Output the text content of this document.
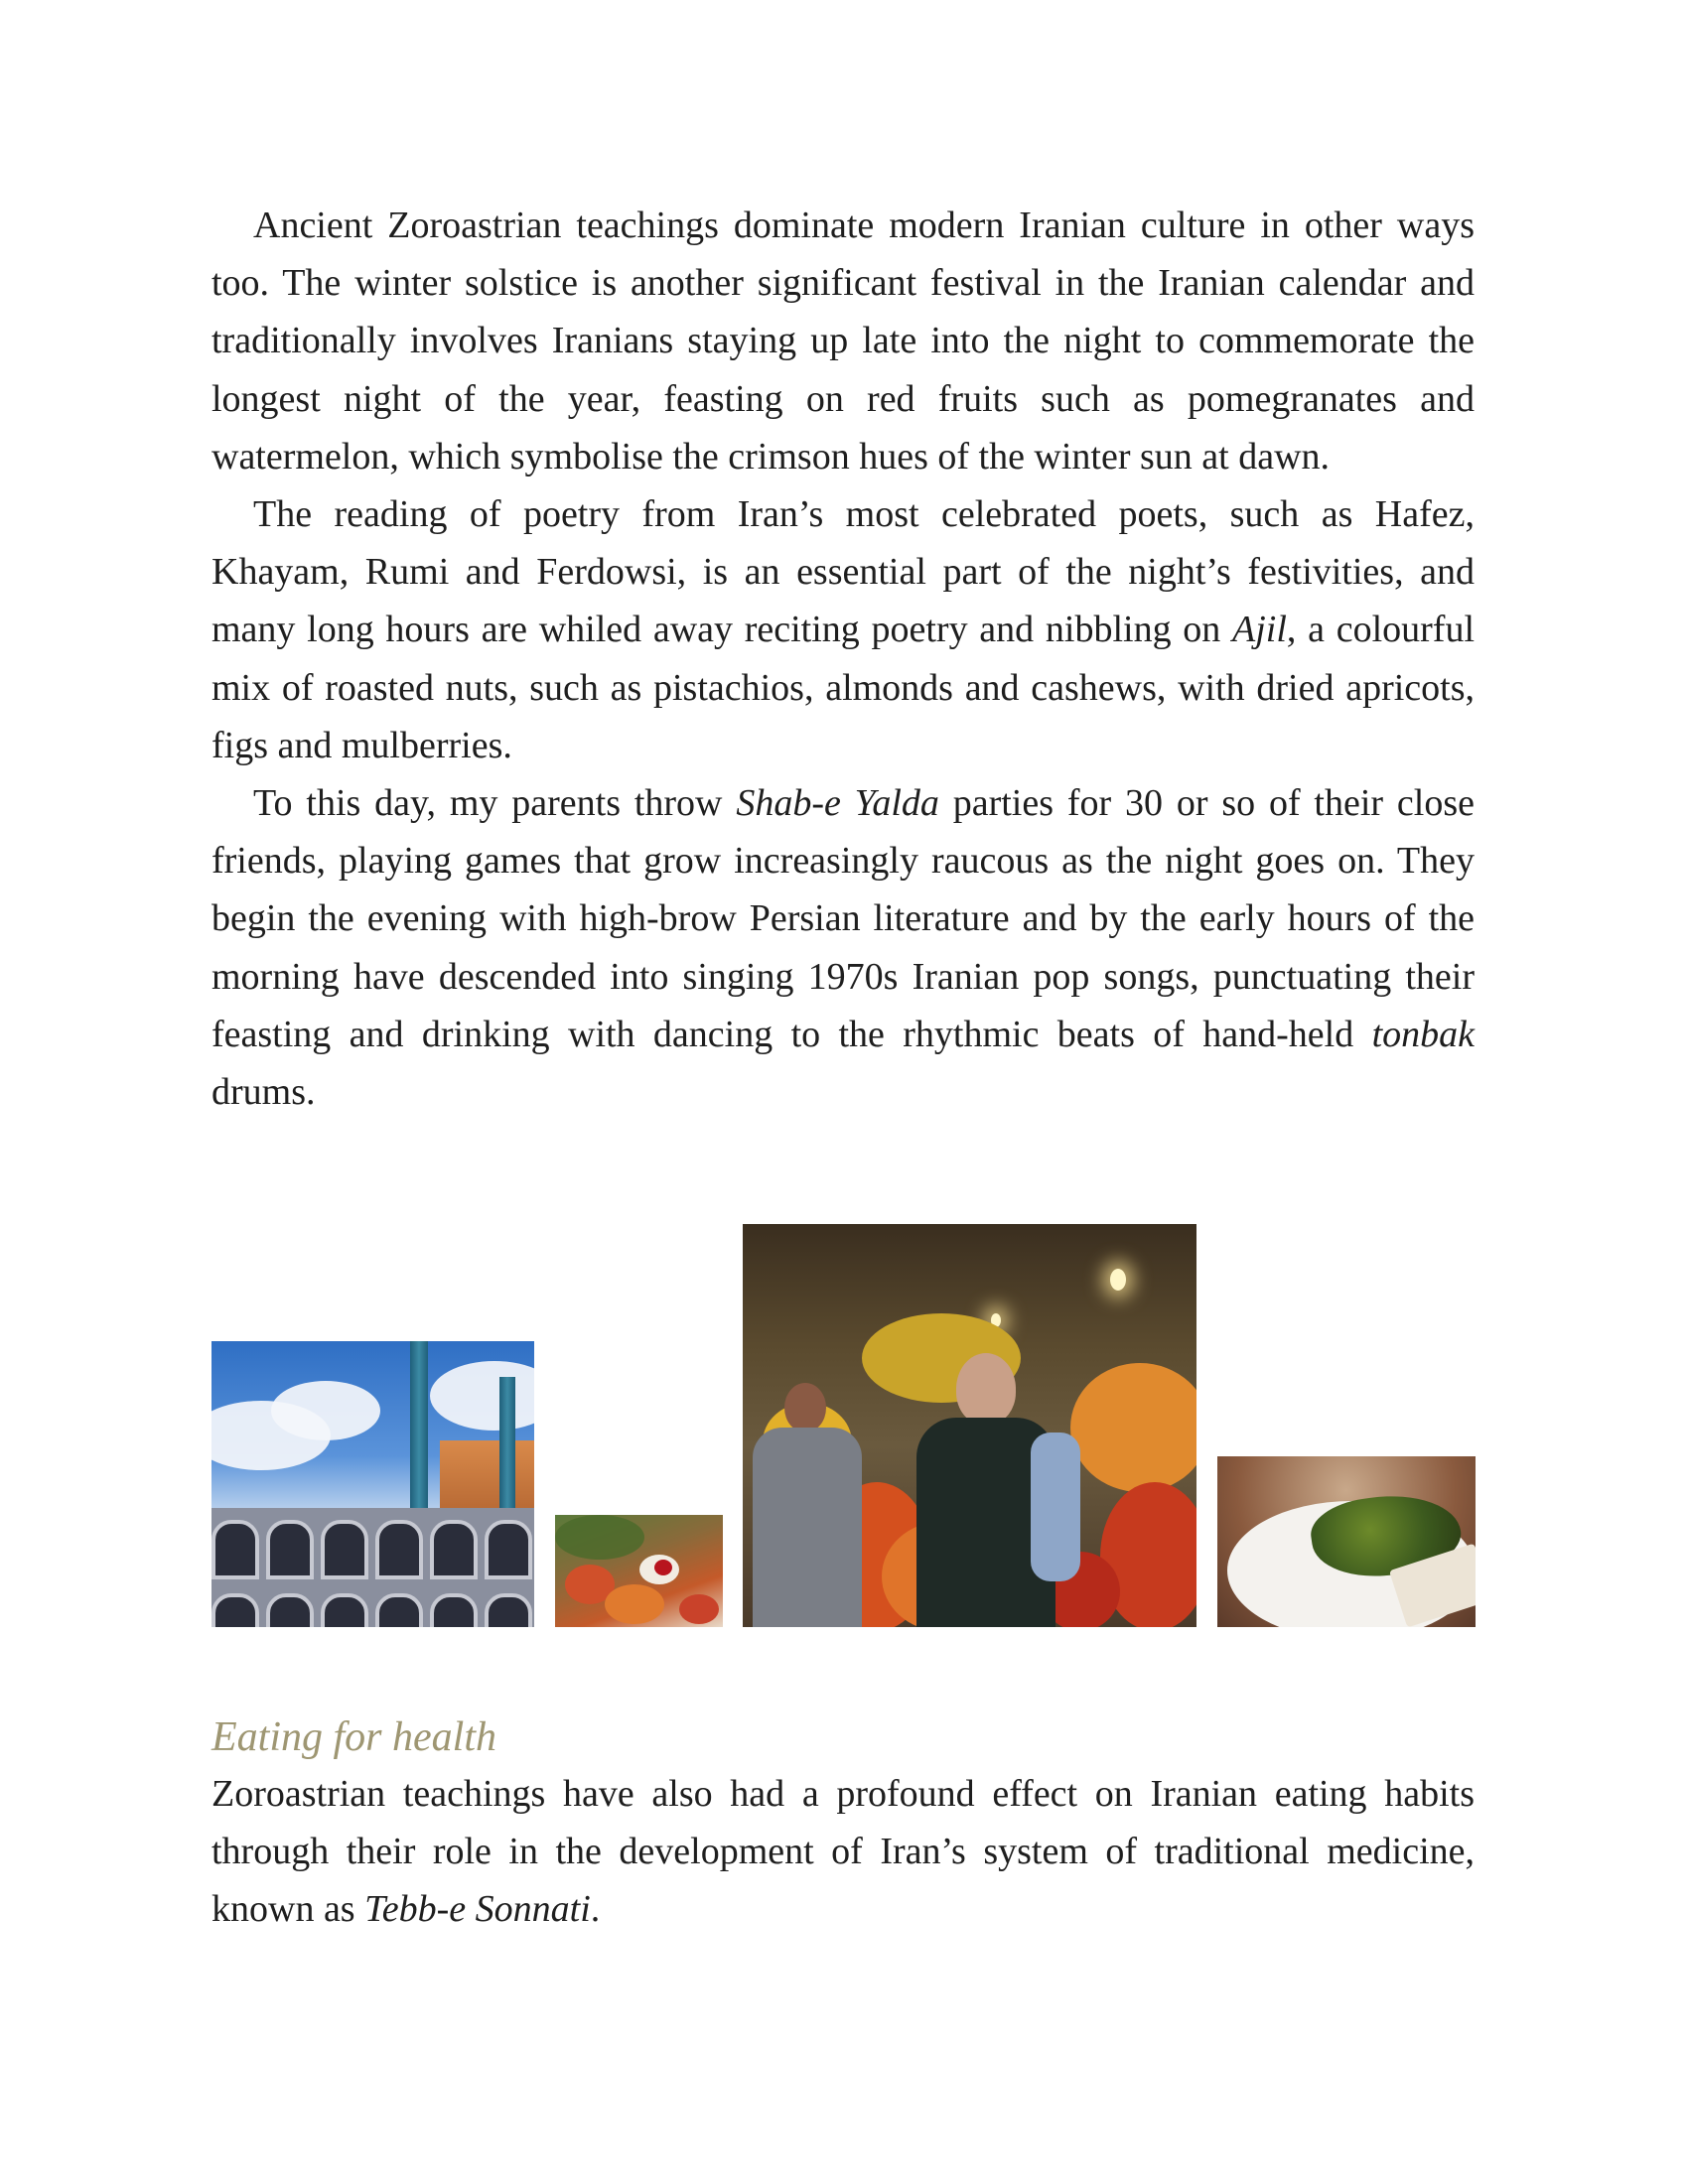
Ancient Zoroastrian teachings dominate modern Iranian culture in other ways too. The winter solstice is another significant festival in the Iranian calendar and traditionally involves Iranians staying up late into the night to commemorate the longest night of the year, feasting on red fruits such as pomegranates and watermelon, which symbolise the crimson hues of the winter sun at dawn.

The reading of poetry from Iran’s most celebrated poets, such as Hafez, Khayam, Rumi and Ferdowsi, is an essential part of the night’s festivities, and many long hours are whiled away reciting poetry and nibbling on Ajil, a colourful mix of roasted nuts, such as pistachios, almonds and cashews, with dried apricots, figs and mulberries.

To this day, my parents throw Shab-e Yalda parties for 30 or so of their close friends, playing games that grow increasingly raucous as the night goes on. They begin the evening with high-brow Persian literature and by the early hours of the morning have descended into singing 1970s Iranian pop songs, punctuating their feasting and drinking with dancing to the rhythmic beats of hand-held tonbak drums.

Eating for health

Zoroastrian teachings have also had a profound effect on Iranian eating habits through their role in the development of Iran’s system of traditional medicine, known as Tebb-e Sonnati.
